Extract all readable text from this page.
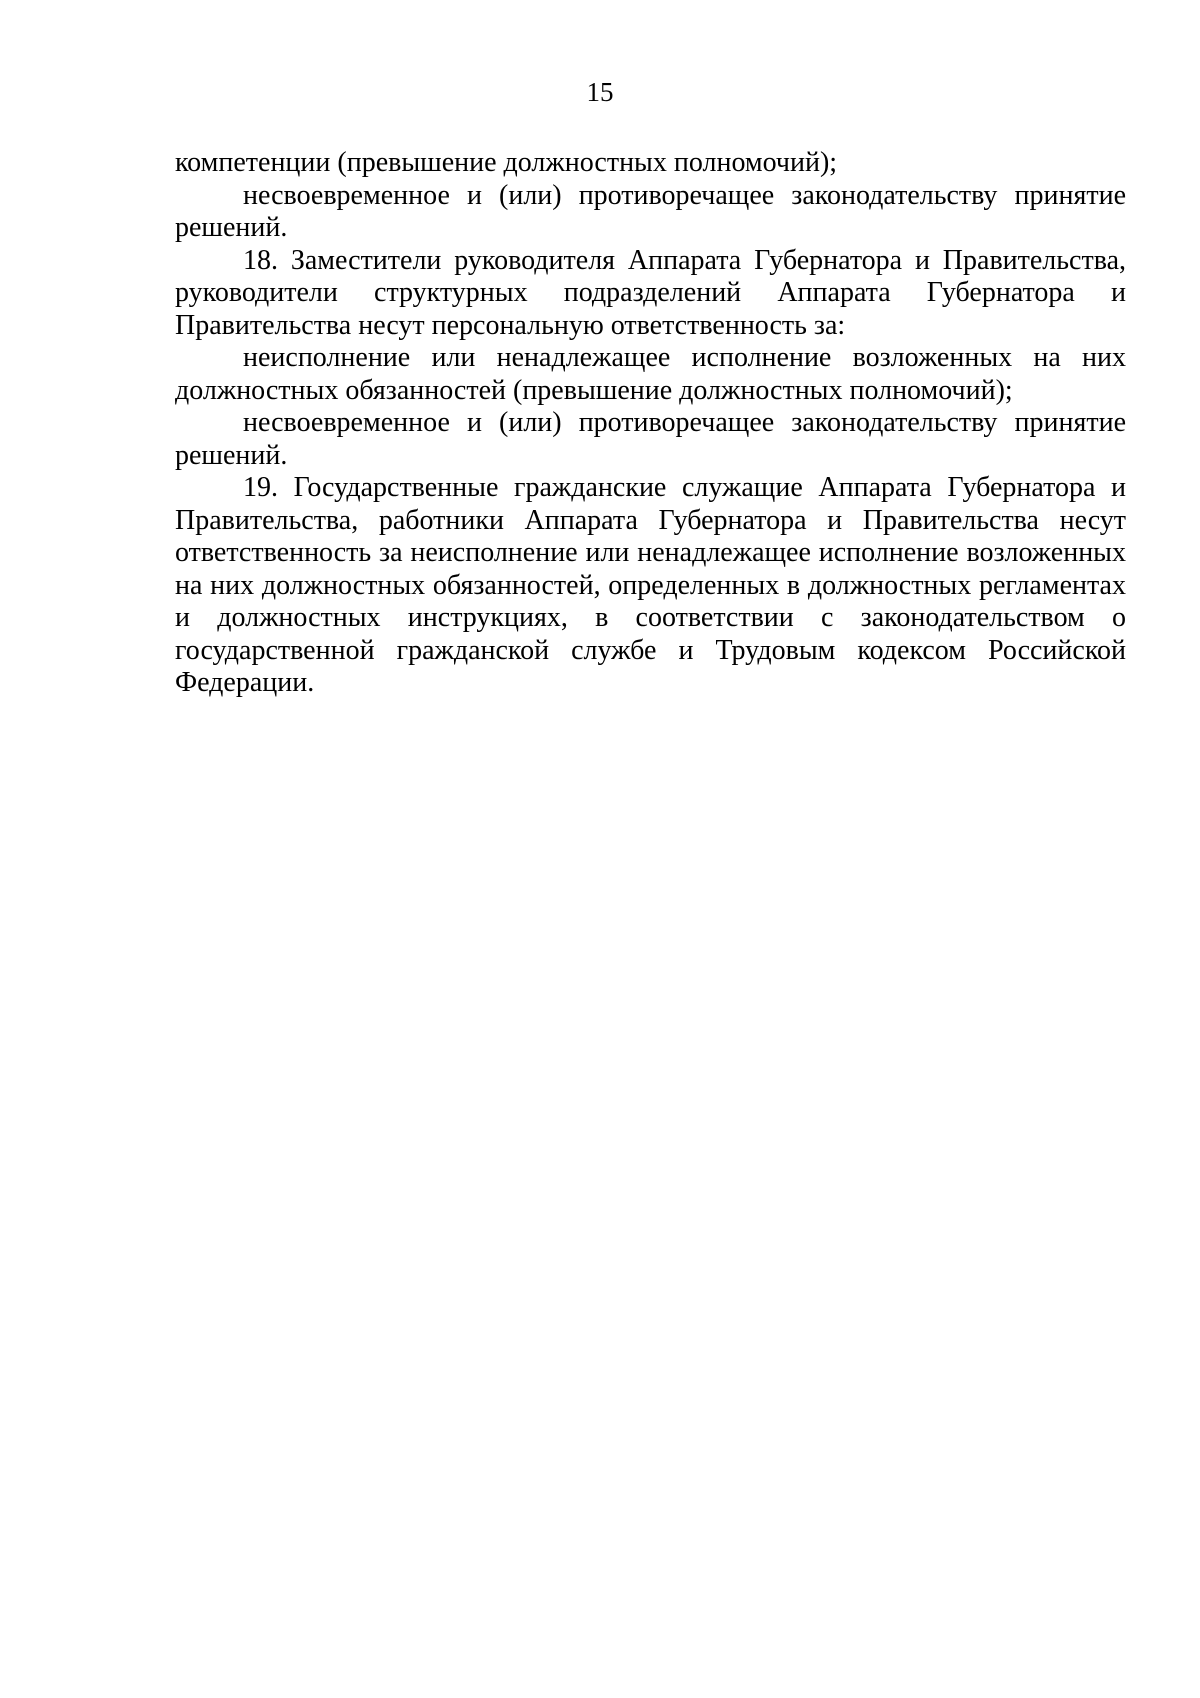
15

компетенции (превышение должностных полномочий);

несвоевременное и (или) противоречащее законодательству принятие решений.

18. Заместители руководителя Аппарата Губернатора и Правительства, руководители структурных подразделений Аппарата Губернатора и Правительства несут персональную ответственность за:

неисполнение или ненадлежащее исполнение возложенных на них должностных обязанностей (превышение должностных полномочий);

несвоевременное и (или) противоречащее законодательству принятие решений.

19. Государственные гражданские служащие Аппарата Губернатора и Правительства, работники Аппарата Губернатора и Правительства несут ответственность за неисполнение или ненадлежащее исполнение возложенных на них должностных обязанностей, определенных в должностных регламентах и должностных инструкциях, в соответствии с законодательством о государственной гражданской службе и Трудовым кодексом Российской Федерации.
